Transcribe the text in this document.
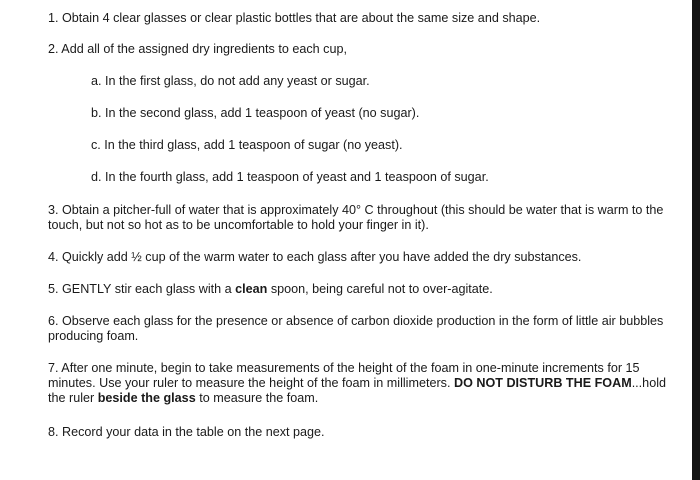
1. Obtain 4 clear glasses or clear plastic bottles that are about the same size and shape.

2. Add all of the assigned dry ingredients to each cup,

a. In the first glass, do not add any yeast or sugar.

b. In the second glass, add 1 teaspoon of yeast (no sugar).

c. In the third glass, add 1 teaspoon of sugar (no yeast).

d. In the fourth glass, add 1 teaspoon of yeast and 1 teaspoon of sugar.

3. Obtain a pitcher-full of water that is approximately 40° C throughout (this should be water that is warm to the touch, but not so hot as to be uncomfortable to hold your finger in it).

4. Quickly add ½ cup of the warm water to each glass after you have added the dry substances.

5. GENTLY stir each glass with a clean spoon, being careful not to over-agitate.

6. Observe each glass for the presence or absence of carbon dioxide production in the form of little air bubbles producing foam.

7. After one minute, begin to take measurements of the height of the foam in one-minute increments for 15 minutes. Use your ruler to measure the height of the foam in millimeters. DO NOT DISTURB THE FOAM...hold the ruler beside the glass to measure the foam.

8. Record your data in the table on the next page.
